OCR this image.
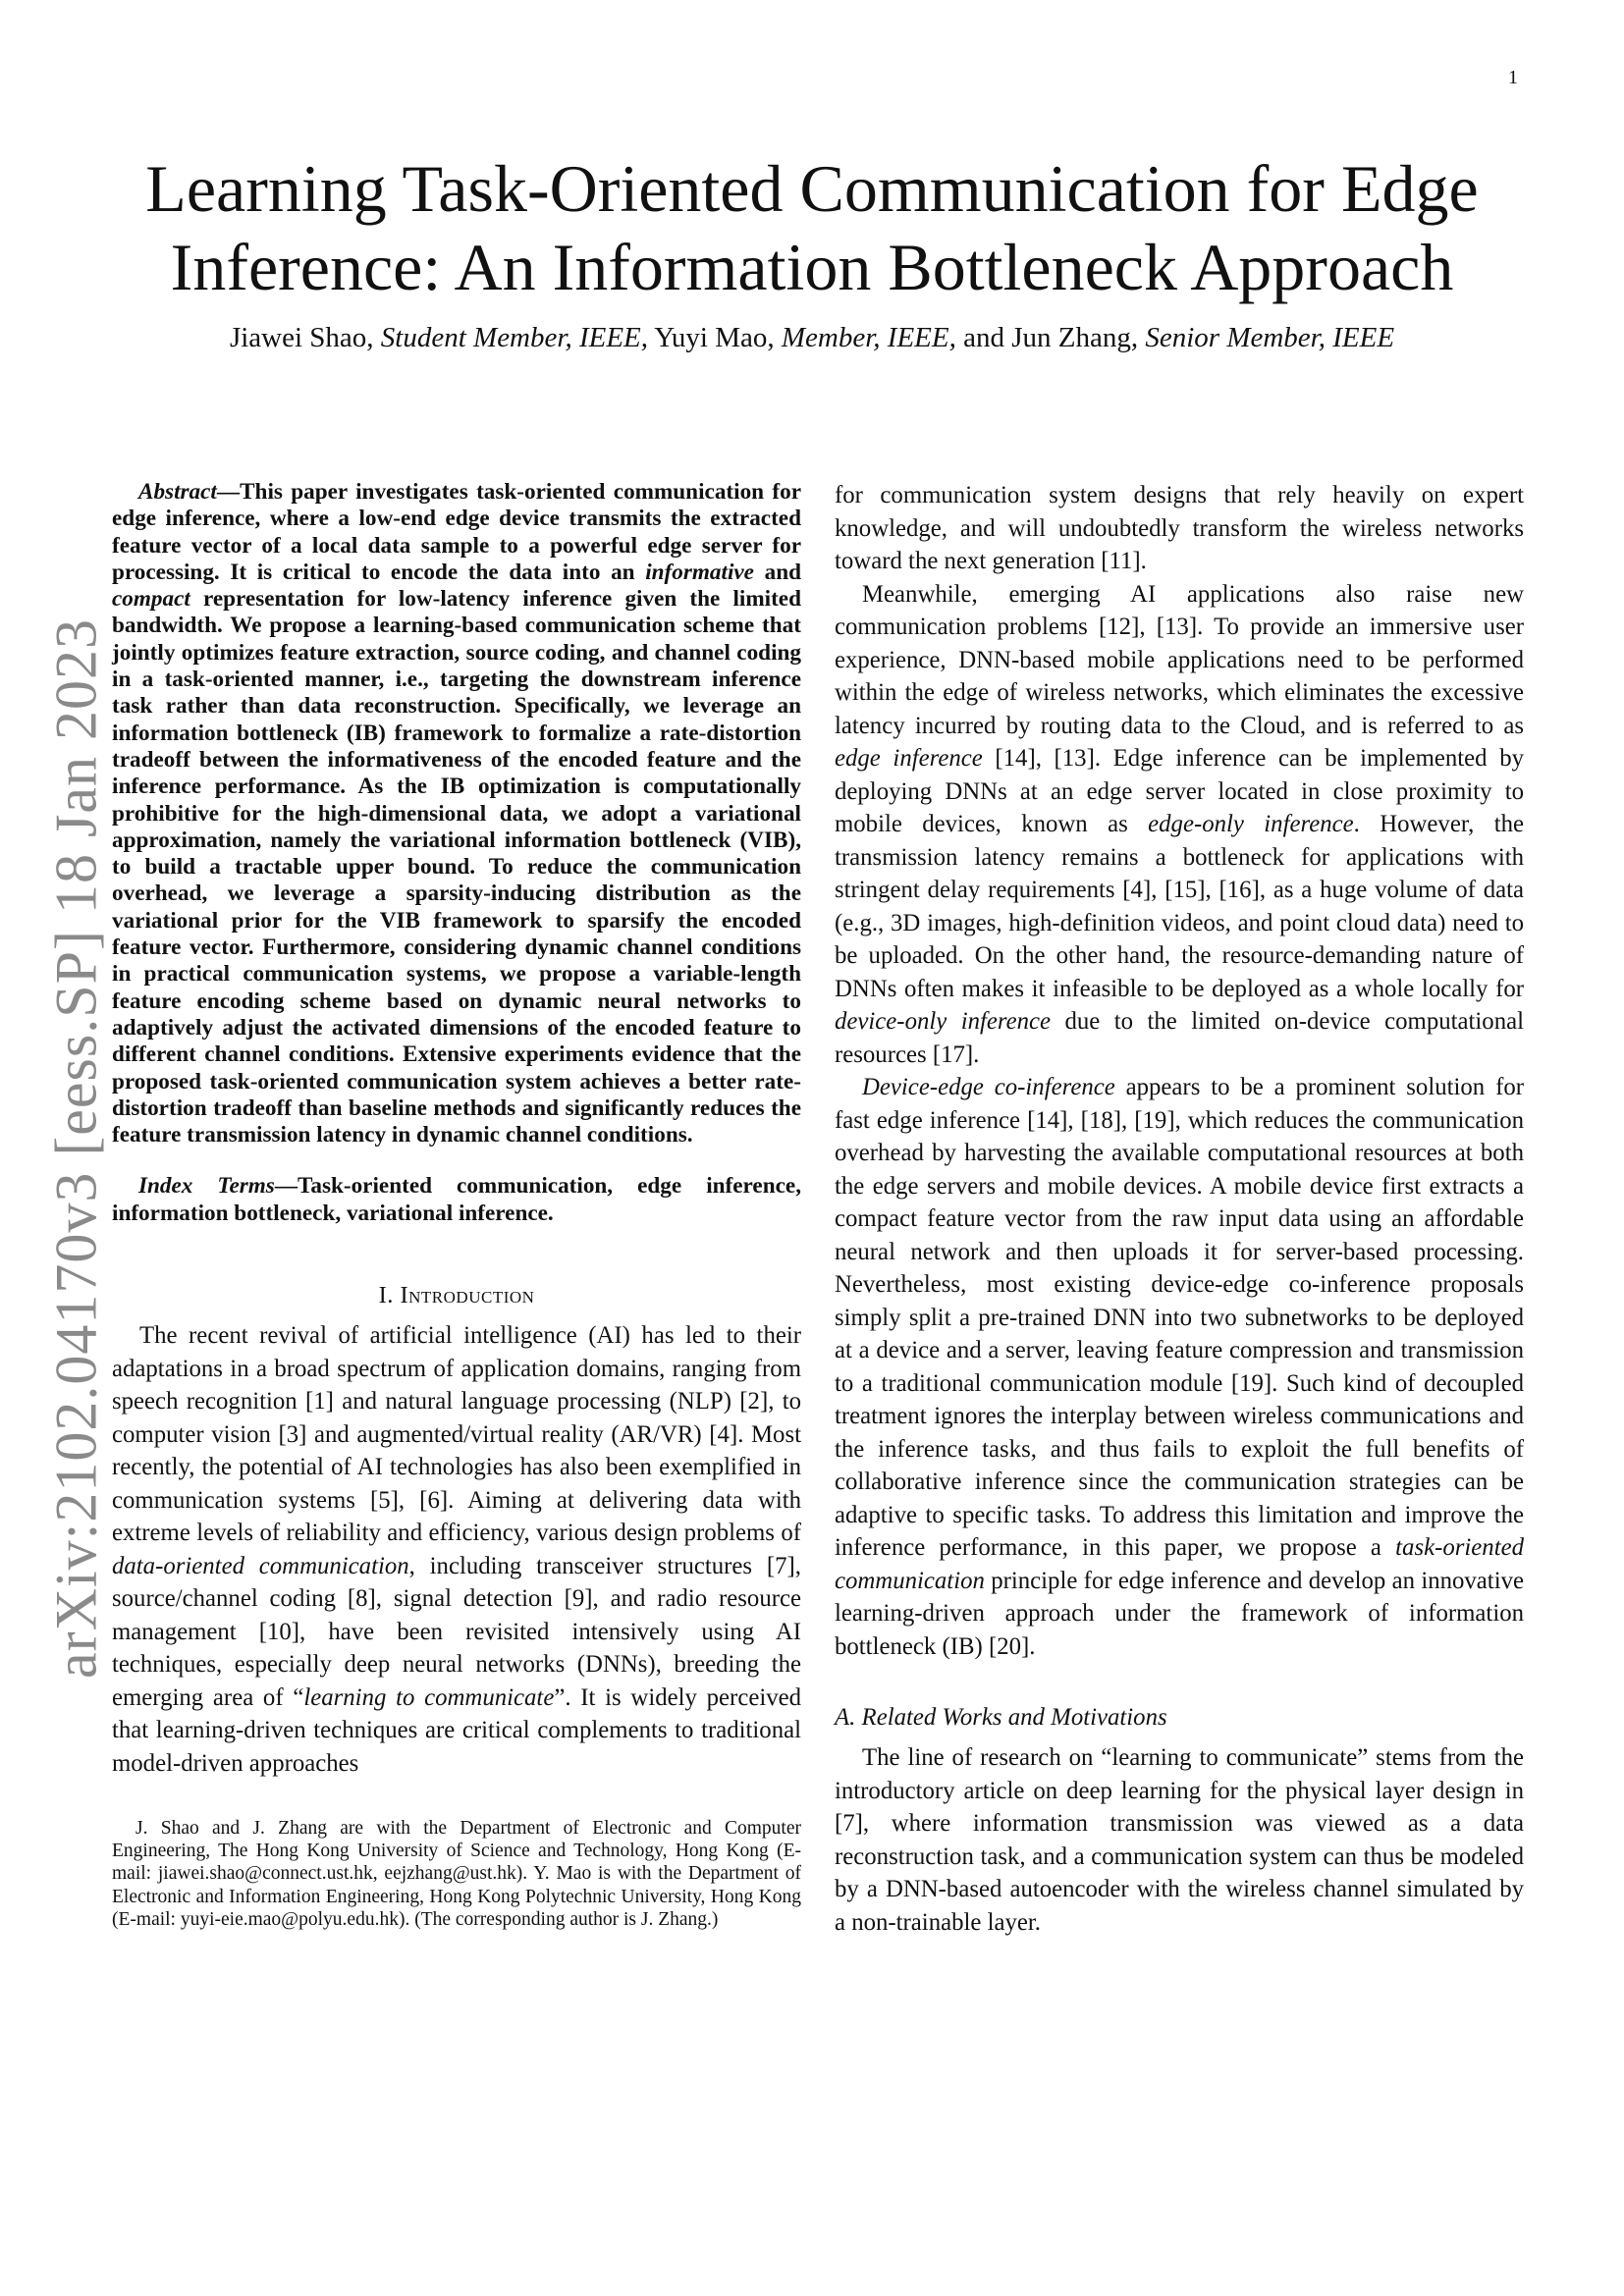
1
arXiv:2102.04170v3 [eess.SP] 18 Jan 2023
Learning Task-Oriented Communication for Edge
Inference: An Information Bottleneck Approach
Jiawei Shao, Student Member, IEEE, Yuyi Mao, Member, IEEE, and Jun Zhang, Senior Member, IEEE

Abstract—This paper investigates task-oriented communication for edge inference, where a low-end edge device transmits the extracted feature vector of a local data sample to a powerful edge server for processing. It is critical to encode the data into an informative and compact representation for low-latency inference given the limited bandwidth. We propose a learning-based communication scheme that jointly optimizes feature extraction, source coding, and channel coding in a task-oriented manner, i.e., targeting the downstream inference task rather than data reconstruction. Specifically, we leverage an information bottleneck (IB) framework to formalize a rate-distortion tradeoff between the informativeness of the encoded feature and the inference performance. As the IB optimization is computationally prohibitive for the high-dimensional data, we adopt a variational approximation, namely the variational information bottleneck (VIB), to build a tractable upper bound. To reduce the communication overhead, we leverage a sparsity-inducing distribution as the variational prior for the VIB framework to sparsify the encoded feature vector. Furthermore, considering dynamic channel conditions in practical communication systems, we propose a variable-length feature encoding scheme based on dynamic neural networks to adaptively adjust the activated dimensions of the encoded feature to different channel conditions. Extensive experiments evidence that the proposed task-oriented communication system achieves a better rate-distortion tradeoff than baseline methods and significantly reduces the feature transmission latency in dynamic channel conditions.

Index Terms—Task-oriented communication, edge inference, information bottleneck, variational inference.

I. Introduction

The recent revival of artificial intelligence (AI) has led to their adaptations in a broad spectrum of application domains, ranging from speech recognition [1] and natural language processing (NLP) [2], to computer vision [3] and augmented/virtual reality (AR/VR) [4]. Most recently, the potential of AI technologies has also been exemplified in communication systems [5], [6]. Aiming at delivering data with extreme levels of reliability and efficiency, various design problems of data-oriented communication, including transceiver structures [7], source/channel coding [8], signal detection [9], and radio resource management [10], have been revisited intensively using AI techniques, especially deep neural networks (DNNs), breeding the emerging area of “learning to communicate”. It is widely perceived that learning-driven techniques are critical complements to traditional model-driven approaches

J. Shao and J. Zhang are with the Department of Electronic and Computer Engineering, The Hong Kong University of Science and Technology, Hong Kong (E-mail: jiawei.shao@connect.ust.hk, eejzhang@ust.hk). Y. Mao is with the Department of Electronic and Information Engineering, Hong Kong Polytechnic University, Hong Kong (E-mail: yuyi-eie.mao@polyu.edu.hk). (The corresponding author is J. Zhang.)

for communication system designs that rely heavily on expert knowledge, and will undoubtedly transform the wireless networks toward the next generation [11].

Meanwhile, emerging AI applications also raise new communication problems [12], [13]. To provide an immersive user experience, DNN-based mobile applications need to be performed within the edge of wireless networks, which eliminates the excessive latency incurred by routing data to the Cloud, and is referred to as edge inference [14], [13]. Edge inference can be implemented by deploying DNNs at an edge server located in close proximity to mobile devices, known as edge-only inference. However, the transmission latency remains a bottleneck for applications with stringent delay requirements [4], [15], [16], as a huge volume of data (e.g., 3D images, high-definition videos, and point cloud data) need to be uploaded. On the other hand, the resource-demanding nature of DNNs often makes it infeasible to be deployed as a whole locally for device-only inference due to the limited on-device computational resources [17].

Device-edge co-inference appears to be a prominent solution for fast edge inference [14], [18], [19], which reduces the communication overhead by harvesting the available computational resources at both the edge servers and mobile devices. A mobile device first extracts a compact feature vector from the raw input data using an affordable neural network and then uploads it for server-based processing. Nevertheless, most existing device-edge co-inference proposals simply split a pre-trained DNN into two subnetworks to be deployed at a device and a server, leaving feature compression and transmission to a traditional communication module [19]. Such kind of decoupled treatment ignores the interplay between wireless communications and the inference tasks, and thus fails to exploit the full benefits of collaborative inference since the communication strategies can be adaptive to specific tasks. To address this limitation and improve the inference performance, in this paper, we propose a task-oriented communication principle for edge inference and develop an innovative learning-driven approach under the framework of information bottleneck (IB) [20].

A. Related Works and Motivations

The line of research on “learning to communicate” stems from the introductory article on deep learning for the physical layer design in [7], where information transmission was viewed as a data reconstruction task, and a communication system can thus be modeled by a DNN-based autoencoder with the wireless channel simulated by a non-trainable layer.
